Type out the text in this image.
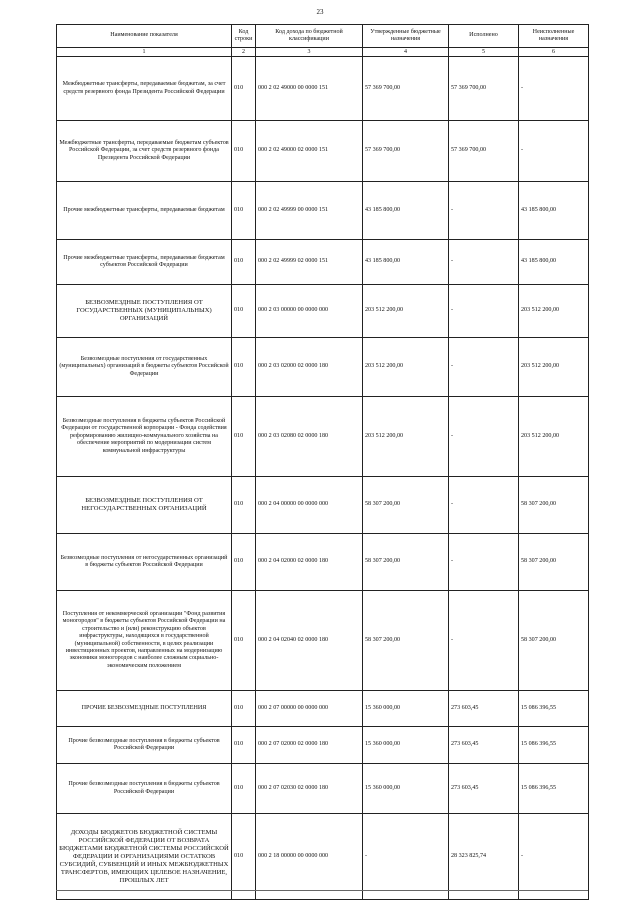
23
Наименование показателя	Код строки	Код дохода по бюджетной классификации	Утвержденные бюджетные назначения	Исполнено	Неисполненные назначения
1	2	3	4	5	6
Межбюджетные трансферты, передаваемые бюджетам, за счет средств резервного фонда Президента Российской Федерации	010	000 2 02 49000 00 0000 151	57 369 700,00	57 369 700,00	-
Межбюджетные трансферты, передаваемые бюджетам субъектов Российской Федерации, за счет средств резервного фонда Президента Российской Федерации	010	000 2 02 49000 02 0000 151	57 369 700,00	57 369 700,00	-
Прочие межбюджетные трансферты, передаваемые бюджетам	010	000 2 02 49999 00 0000 151	43 185 800,00	-	43 185 800,00
Прочие межбюджетные трансферты, передаваемые бюджетам субъектов Российской Федерации	010	000 2 02 49999 02 0000 151	43 185 800,00	-	43 185 800,00
БЕЗВОЗМЕЗДНЫЕ ПОСТУПЛЕНИЯ ОТ ГОСУДАРСТВЕННЫХ (МУНИЦИПАЛЬНЫХ) ОРГАНИЗАЦИЙ	010	000 2 03 00000 00 0000 000	203 512 200,00	-	203 512 200,00
Безвозмездные поступления от государственных (муниципальных) организаций в бюджеты субъектов Российской Федерации	010	000 2 03 02000 02 0000 180	203 512 200,00	-	203 512 200,00
Безвозмездные поступления в бюджеты субъектов Российской Федерации от государственной корпорации - Фонда содействия реформированию жилищно-коммунального хозяйства на обеспечение мероприятий по модернизации систем коммунальной инфраструктуры	010	000 2 03 02080 02 0000 180	203 512 200,00	-	203 512 200,00
БЕЗВОЗМЕЗДНЫЕ ПОСТУПЛЕНИЯ ОТ НЕГОСУДАРСТВЕННЫХ ОРГАНИЗАЦИЙ	010	000 2 04 00000 00 0000 000	58 307 200,00	-	58 307 200,00
Безвозмездные поступления от негосударственных организаций в бюджеты субъектов Российской Федерации	010	000 2 04 02000 02 0000 180	58 307 200,00	-	58 307 200,00
Поступления от некоммерческой организации "Фонд развития моногородов" в бюджеты субъектов Российской Федерации на строительство и (или) реконструкцию объектов инфраструктуры, находящихся в государственной (муниципальной) собственности, в целях реализации инвестиционных проектов, направленных на модернизацию экономики моногородов с наиболее сложным социально-экономическим положением	010	000 2 04 02040 02 0000 180	58 307 200,00	-	58 307 200,00
ПРОЧИЕ БЕЗВОЗМЕЗДНЫЕ ПОСТУПЛЕНИЯ	010	000 2 07 00000 00 0000 000	15 360 000,00	273 603,45	15 086 396,55
Прочие безвозмездные поступления в бюджеты субъектов Российской Федерации	010	000 2 07 02000 02 0000 180	15 360 000,00	273 603,45	15 086 396,55
Прочие безвозмездные поступления в бюджеты субъектов Российской Федерации	010	000 2 07 02030 02 0000 180	15 360 000,00	273 603,45	15 086 396,55
ДОХОДЫ БЮДЖЕТОВ БЮДЖЕТНОЙ СИСТЕМЫ РОССИЙСКОЙ ФЕДЕРАЦИИ ОТ ВОЗВРАТА БЮДЖЕТАМИ БЮДЖЕТНОЙ СИСТЕМЫ РОССИЙСКОЙ ФЕДЕРАЦИИ И ОРГАНИЗАЦИЯМИ ОСТАТКОВ СУБСИДИЙ, СУБВЕНЦИЙ И ИНЫХ МЕЖБЮДЖЕТНЫХ ТРАНСФЕРТОВ, ИМЕЮЩИХ ЦЕЛЕВОЕ НАЗНАЧЕНИЕ, ПРОШЛЫХ ЛЕТ	010	000 2 18 00000 00 0000 000	-	28 323 825,74	-
